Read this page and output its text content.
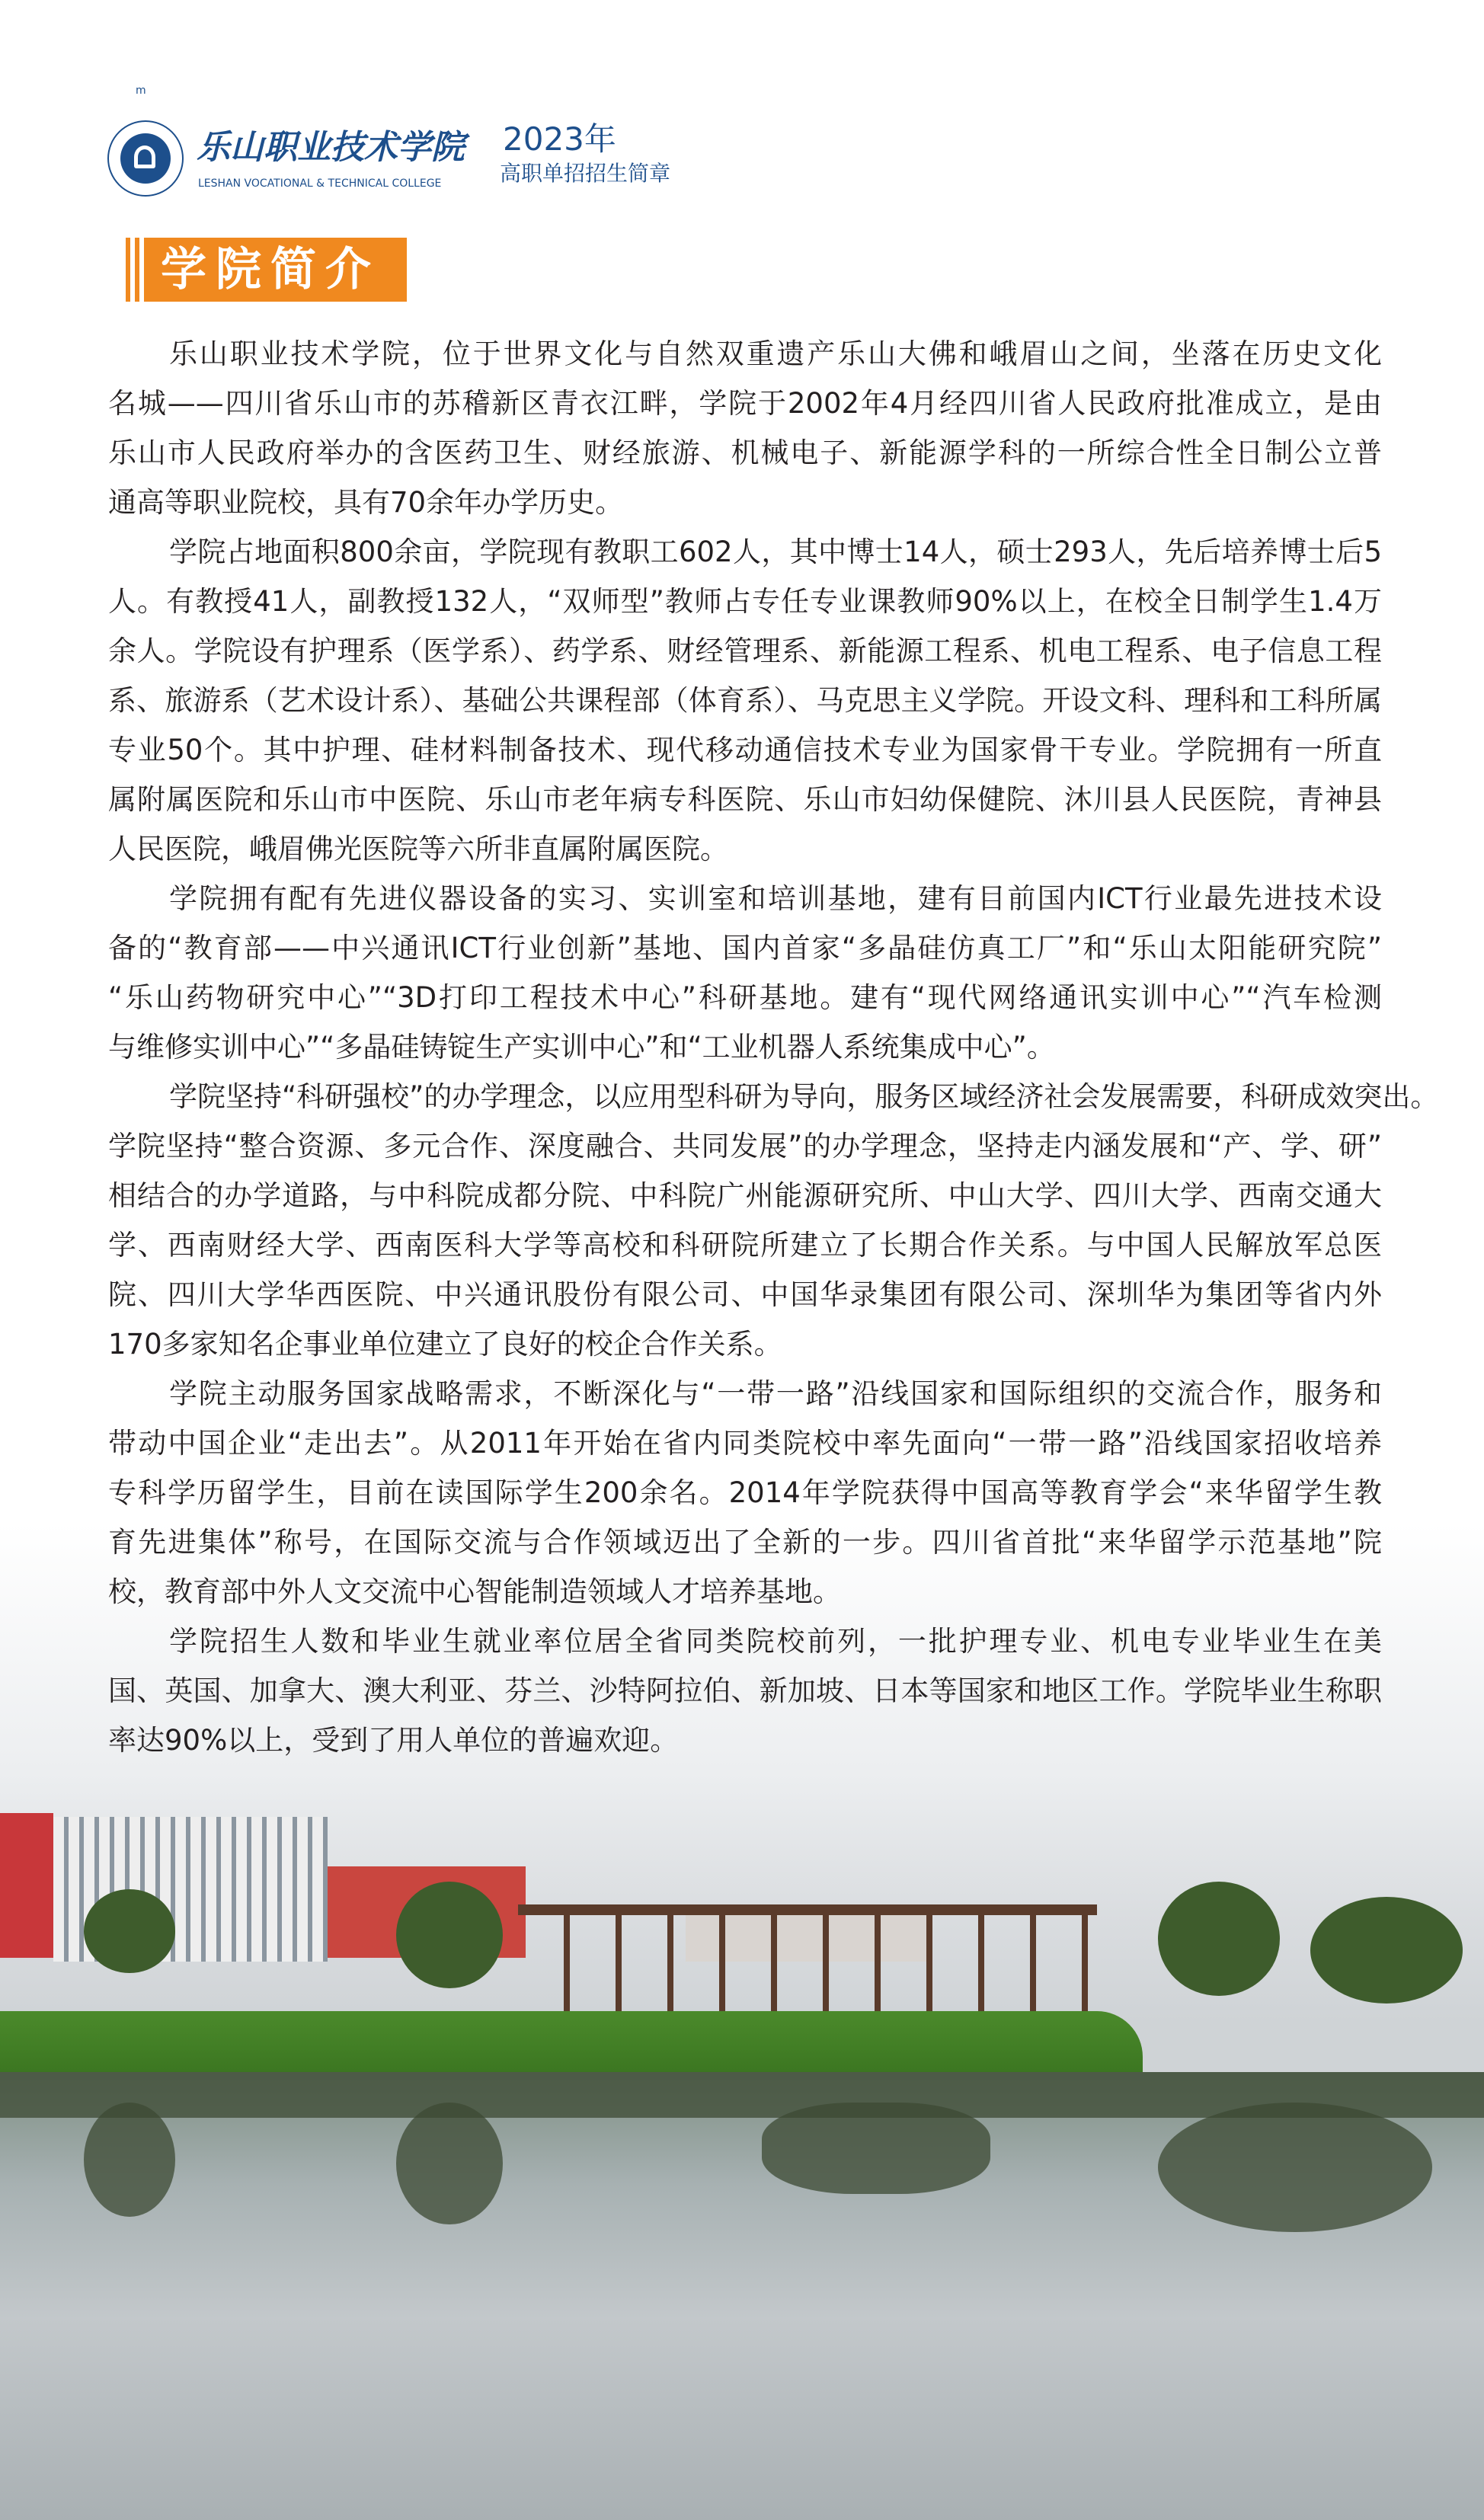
m
乐山职业技术学院
LESHAN VOCATIONAL & TECHNICAL COLLEGE
2023年
高职单招招生简章
学院简介
乐山职业技术学院，位于世界文化与自然双重遗产乐山大佛和峨眉山之间，坐落在历史文化
名城——四川省乐山市的苏稽新区青衣江畔，学院于2002年4月经四川省人民政府批准成立，是由
乐山市人民政府举办的含医药卫生、财经旅游、机械电子、新能源学科的一所综合性全日制公立普
通高等职业院校，具有70余年办学历史。
学院占地面积800余亩，学院现有教职工602人，其中博士14人，硕士293人，先后培养博士后5
人。有教授41人，副教授132人，“双师型”教师占专任专业课教师90%以上，在校全日制学生1.4万
余人。学院设有护理系（医学系）、药学系、财经管理系、新能源工程系、机电工程系、电子信息工程
系、旅游系（艺术设计系）、基础公共课程部（体育系）、马克思主义学院。开设文科、理科和工科所属
专业50个。其中护理、硅材料制备技术、现代移动通信技术专业为国家骨干专业。学院拥有一所直
属附属医院和乐山市中医院、乐山市老年病专科医院、乐山市妇幼保健院、沐川县人民医院，青神县
人民医院，峨眉佛光医院等六所非直属附属医院。
学院拥有配有先进仪器设备的实习、实训室和培训基地，建有目前国内ICT行业最先进技术设
备的“教育部——中兴通讯ICT行业创新”基地、国内首家“多晶硅仿真工厂”和“乐山太阳能研究院”
“乐山药物研究中心”“3D打印工程技术中心”科研基地。建有“现代网络通讯实训中心”“汽车检测
与维修实训中心”“多晶硅铸锭生产实训中心”和“工业机器人系统集成中心”。
学院坚持“科研强校”的办学理念，以应用型科研为导向，服务区域经济社会发展需要，科研成效突出。
学院坚持“整合资源、多元合作、深度融合、共同发展”的办学理念，坚持走内涵发展和“产、学、研”
相结合的办学道路，与中科院成都分院、中科院广州能源研究所、中山大学、四川大学、西南交通大
学、西南财经大学、西南医科大学等高校和科研院所建立了长期合作关系。与中国人民解放军总医
院、四川大学华西医院、中兴通讯股份有限公司、中国华录集团有限公司、深圳华为集团等省内外
170多家知名企事业单位建立了良好的校企合作关系。
学院主动服务国家战略需求，不断深化与“一带一路”沿线国家和国际组织的交流合作，服务和
带动中国企业“走出去”。从2011年开始在省内同类院校中率先面向“一带一路”沿线国家招收培养
专科学历留学生，目前在读国际学生200余名。2014年学院获得中国高等教育学会“来华留学生教
育先进集体”称号，在国际交流与合作领域迈出了全新的一步。四川省首批“来华留学示范基地”院
校，教育部中外人文交流中心智能制造领域人才培养基地。
学院招生人数和毕业生就业率位居全省同类院校前列，一批护理专业、机电专业毕业生在美
国、英国、加拿大、澳大利亚、芬兰、沙特阿拉伯、新加坡、日本等国家和地区工作。学院毕业生称职
率达90%以上，受到了用人单位的普遍欢迎。
